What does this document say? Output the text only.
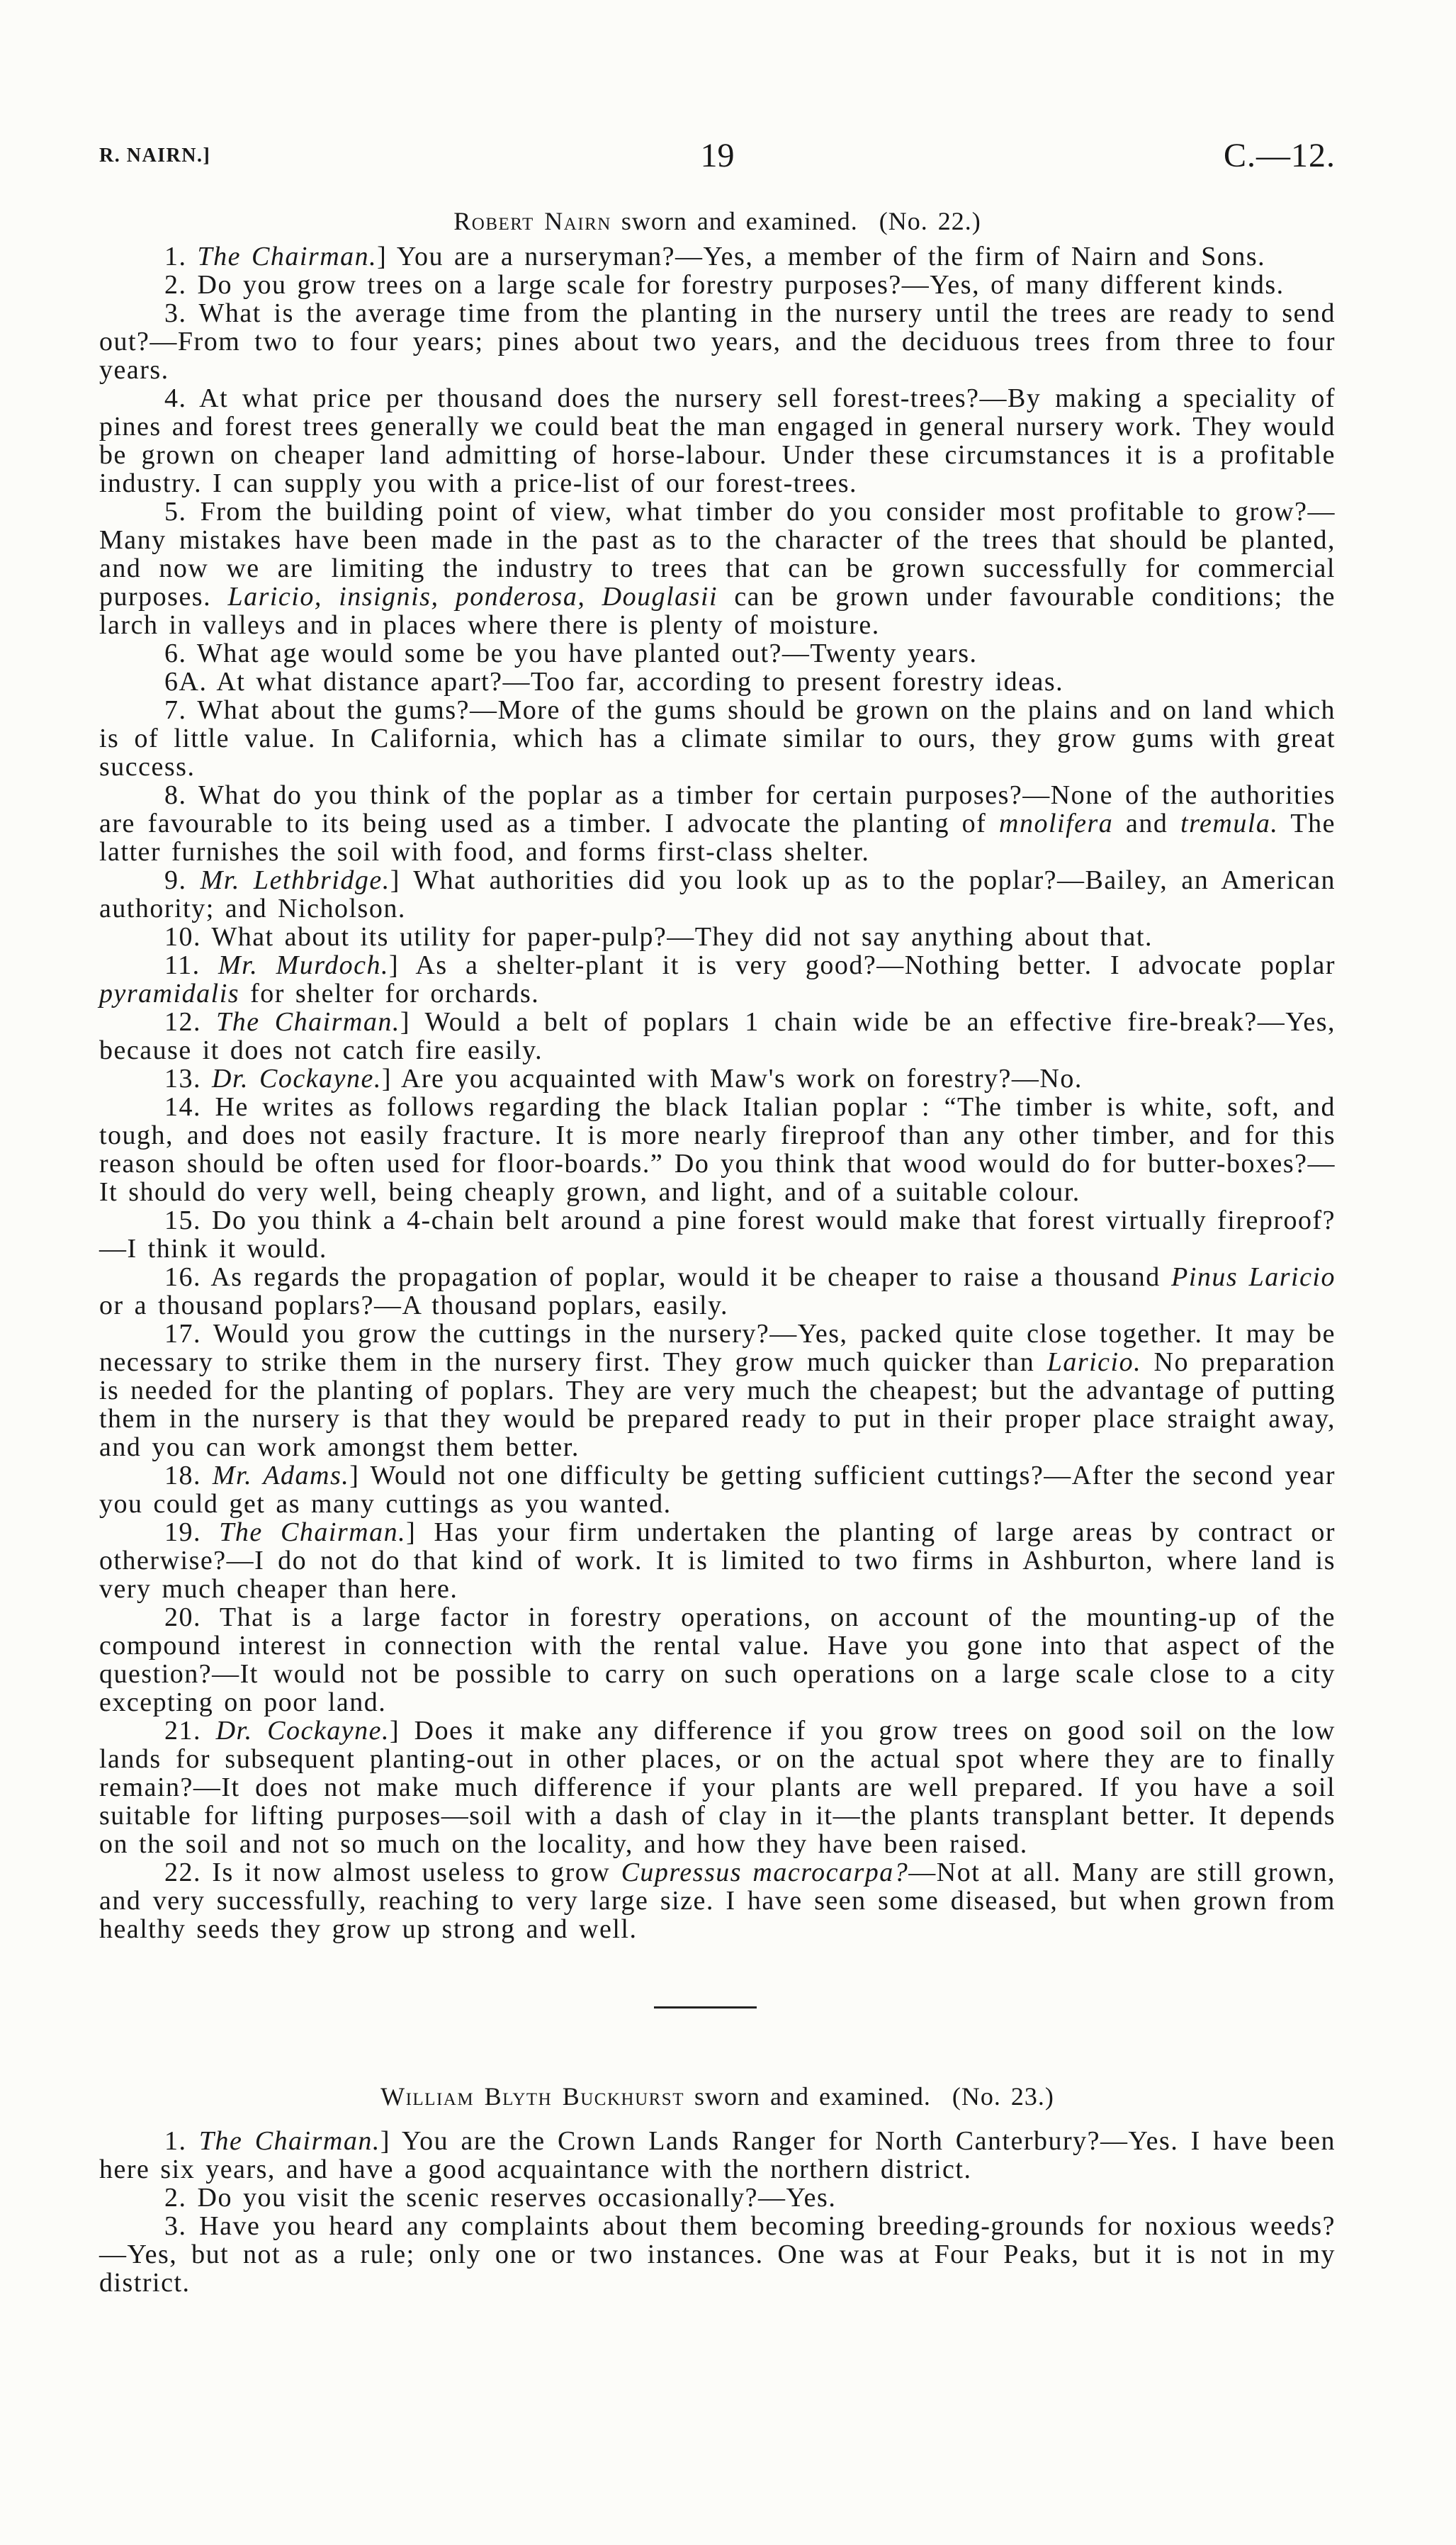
R. NAIRN.]	19	C.—12.
Robert Nairn sworn and examined. (No. 22.)

1. The Chairman.] You are a nurseryman?—Yes, a member of the firm of Nairn and Sons.

2. Do you grow trees on a large scale for forestry purposes?—Yes, of many different kinds.

3. What is the average time from the planting in the nursery until the trees are ready to send out?—From two to four years; pines about two years, and the deciduous trees from three to four years.

4. At what price per thousand does the nursery sell forest-trees?—By making a speciality of pines and forest trees generally we could beat the man engaged in general nursery work. They would be grown on cheaper land admitting of horse-labour. Under these circumstances it is a profitable industry. I can supply you with a price-list of our forest-trees.

5. From the building point of view, what timber do you consider most profitable to grow?—Many mistakes have been made in the past as to the character of the trees that should be planted, and now we are limiting the industry to trees that can be grown successfully for commercial purposes. Laricio, insignis, ponderosa, Douglasii can be grown under favourable conditions; the larch in valleys and in places where there is plenty of moisture.

6. What age would some be you have planted out?—Twenty years.

6A. At what distance apart?—Too far, according to present forestry ideas.

7. What about the gums?—More of the gums should be grown on the plains and on land which is of little value. In California, which has a climate similar to ours, they grow gums with great success.

8. What do you think of the poplar as a timber for certain purposes?—None of the authorities are favourable to its being used as a timber. I advocate the planting of mnolifera and tremula. The latter furnishes the soil with food, and forms first-class shelter.

9. Mr. Lethbridge.] What authorities did you look up as to the poplar?—Bailey, an American authority; and Nicholson.

10. What about its utility for paper-pulp?—They did not say anything about that.

11. Mr. Murdoch.] As a shelter-plant it is very good?—Nothing better. I advocate poplar pyramidalis for shelter for orchards.

12. The Chairman.] Would a belt of poplars 1 chain wide be an effective fire-break?—Yes, because it does not catch fire easily.

13. Dr. Cockayne.] Are you acquainted with Maw's work on forestry?—No.

14. He writes as follows regarding the black Italian poplar : “The timber is white, soft, and tough, and does not easily fracture. It is more nearly fireproof than any other timber, and for this reason should be often used for floor-boards.” Do you think that wood would do for butter-boxes?—It should do very well, being cheaply grown, and light, and of a suitable colour.

15. Do you think a 4-chain belt around a pine forest would make that forest virtually fireproof?—I think it would.

16. As regards the propagation of poplar, would it be cheaper to raise a thousand Pinus Laricio or a thousand poplars?—A thousand poplars, easily.

17. Would you grow the cuttings in the nursery?—Yes, packed quite close together. It may be necessary to strike them in the nursery first. They grow much quicker than Laricio. No preparation is needed for the planting of poplars. They are very much the cheapest; but the advantage of putting them in the nursery is that they would be prepared ready to put in their proper place straight away, and you can work amongst them better.

18. Mr. Adams.] Would not one difficulty be getting sufficient cuttings?—After the second year you could get as many cuttings as you wanted.

19. The Chairman.] Has your firm undertaken the planting of large areas by contract or otherwise?—I do not do that kind of work. It is limited to two firms in Ashburton, where land is very much cheaper than here.

20. That is a large factor in forestry operations, on account of the mounting-up of the compound interest in connection with the rental value. Have you gone into that aspect of the question?—It would not be possible to carry on such operations on a large scale close to a city excepting on poor land.

21. Dr. Cockayne.] Does it make any difference if you grow trees on good soil on the low lands for subsequent planting-out in other places, or on the actual spot where they are to finally remain?—It does not make much difference if your plants are well prepared. If you have a soil suitable for lifting purposes—soil with a dash of clay in it—the plants transplant better. It depends on the soil and not so much on the locality, and how they have been raised.

22. Is it now almost useless to grow Cupressus macrocarpa?—Not at all. Many are still grown, and very successfully, reaching to very large size. I have seen some diseased, but when grown from healthy seeds they grow up strong and well.

William Blyth Buckhurst sworn and examined. (No. 23.)

1. The Chairman.] You are the Crown Lands Ranger for North Canterbury?—Yes. I have been here six years, and have a good acquaintance with the northern district.

2. Do you visit the scenic reserves occasionally?—Yes.

3. Have you heard any complaints about them becoming breeding-grounds for noxious weeds?—Yes, but not as a rule; only one or two instances. One was at Four Peaks, but it is not in my district.
